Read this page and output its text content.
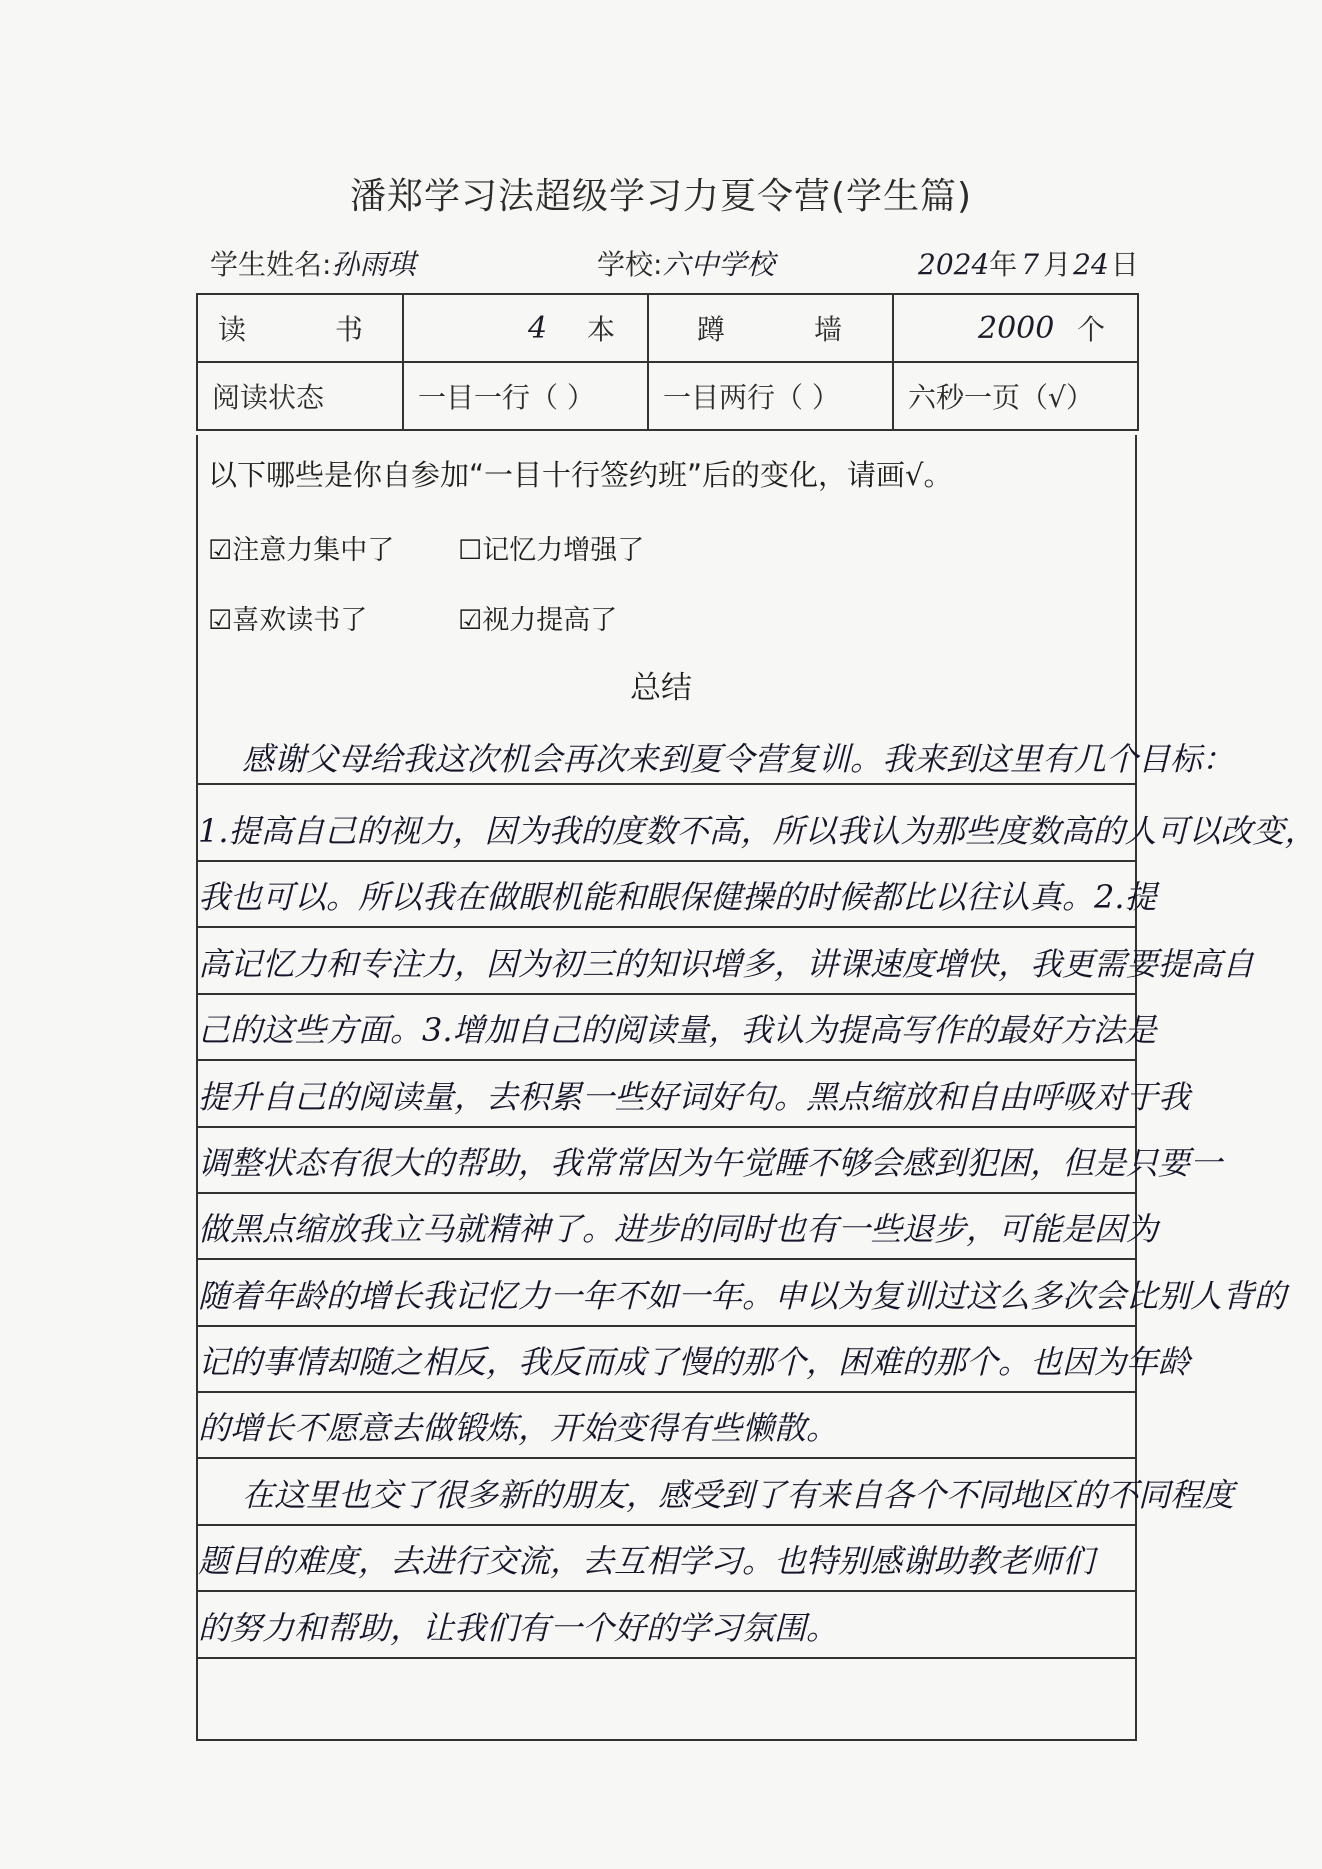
潘郑学习法超级学习力夏令营(学生篇)
学生姓名:孙雨琪	学校:六中学校	2024年 7 月24日
读          书	4 本	蹲          墙	2000 个

阅读状态	一目一行（ ）	一目两行（ ）	六秒一页（√）
以下哪些是你自参加“一目十行签约班”后的变化，请画√。
☑注意力集中了 ☐记忆力增强了
☑喜欢读书了	☑视力提高了
总结
感谢父母给我这次机会再次来到夏令营复训。我来到这里有几个目标：
1.提高自己的视力，因为我的度数不高，所以我认为那些度数高的人可以改变，
我也可以。所以我在做眼机能和眼保健操的时候都比以往认真。2.提
高记忆力和专注力，因为初三的知识增多，讲课速度增快，我更需要提高自
己的这些方面。3.增加自己的阅读量，我认为提高写作的最好方法是
提升自己的阅读量，去积累一些好词好句。黑点缩放和自由呼吸对于我
调整状态有很大的帮助，我常常因为午觉睡不够会感到犯困，但是只要一
做黑点缩放我立马就精神了。进步的同时也有一些退步，可能是因为
随着年龄的增长我记忆力一年不如一年。申以为复训过这么多次会比别人背的
记的事情却随之相反，我反而成了慢的那个，困难的那个。也因为年龄
的增长不愿意去做锻炼，开始变得有些懒散。
在这里也交了很多新的朋友，感受到了有来自各个不同地区的不同程度
题目的难度，去进行交流，去互相学习。也特别感谢助教老师们
的努力和帮助，让我们有一个好的学习氛围。
